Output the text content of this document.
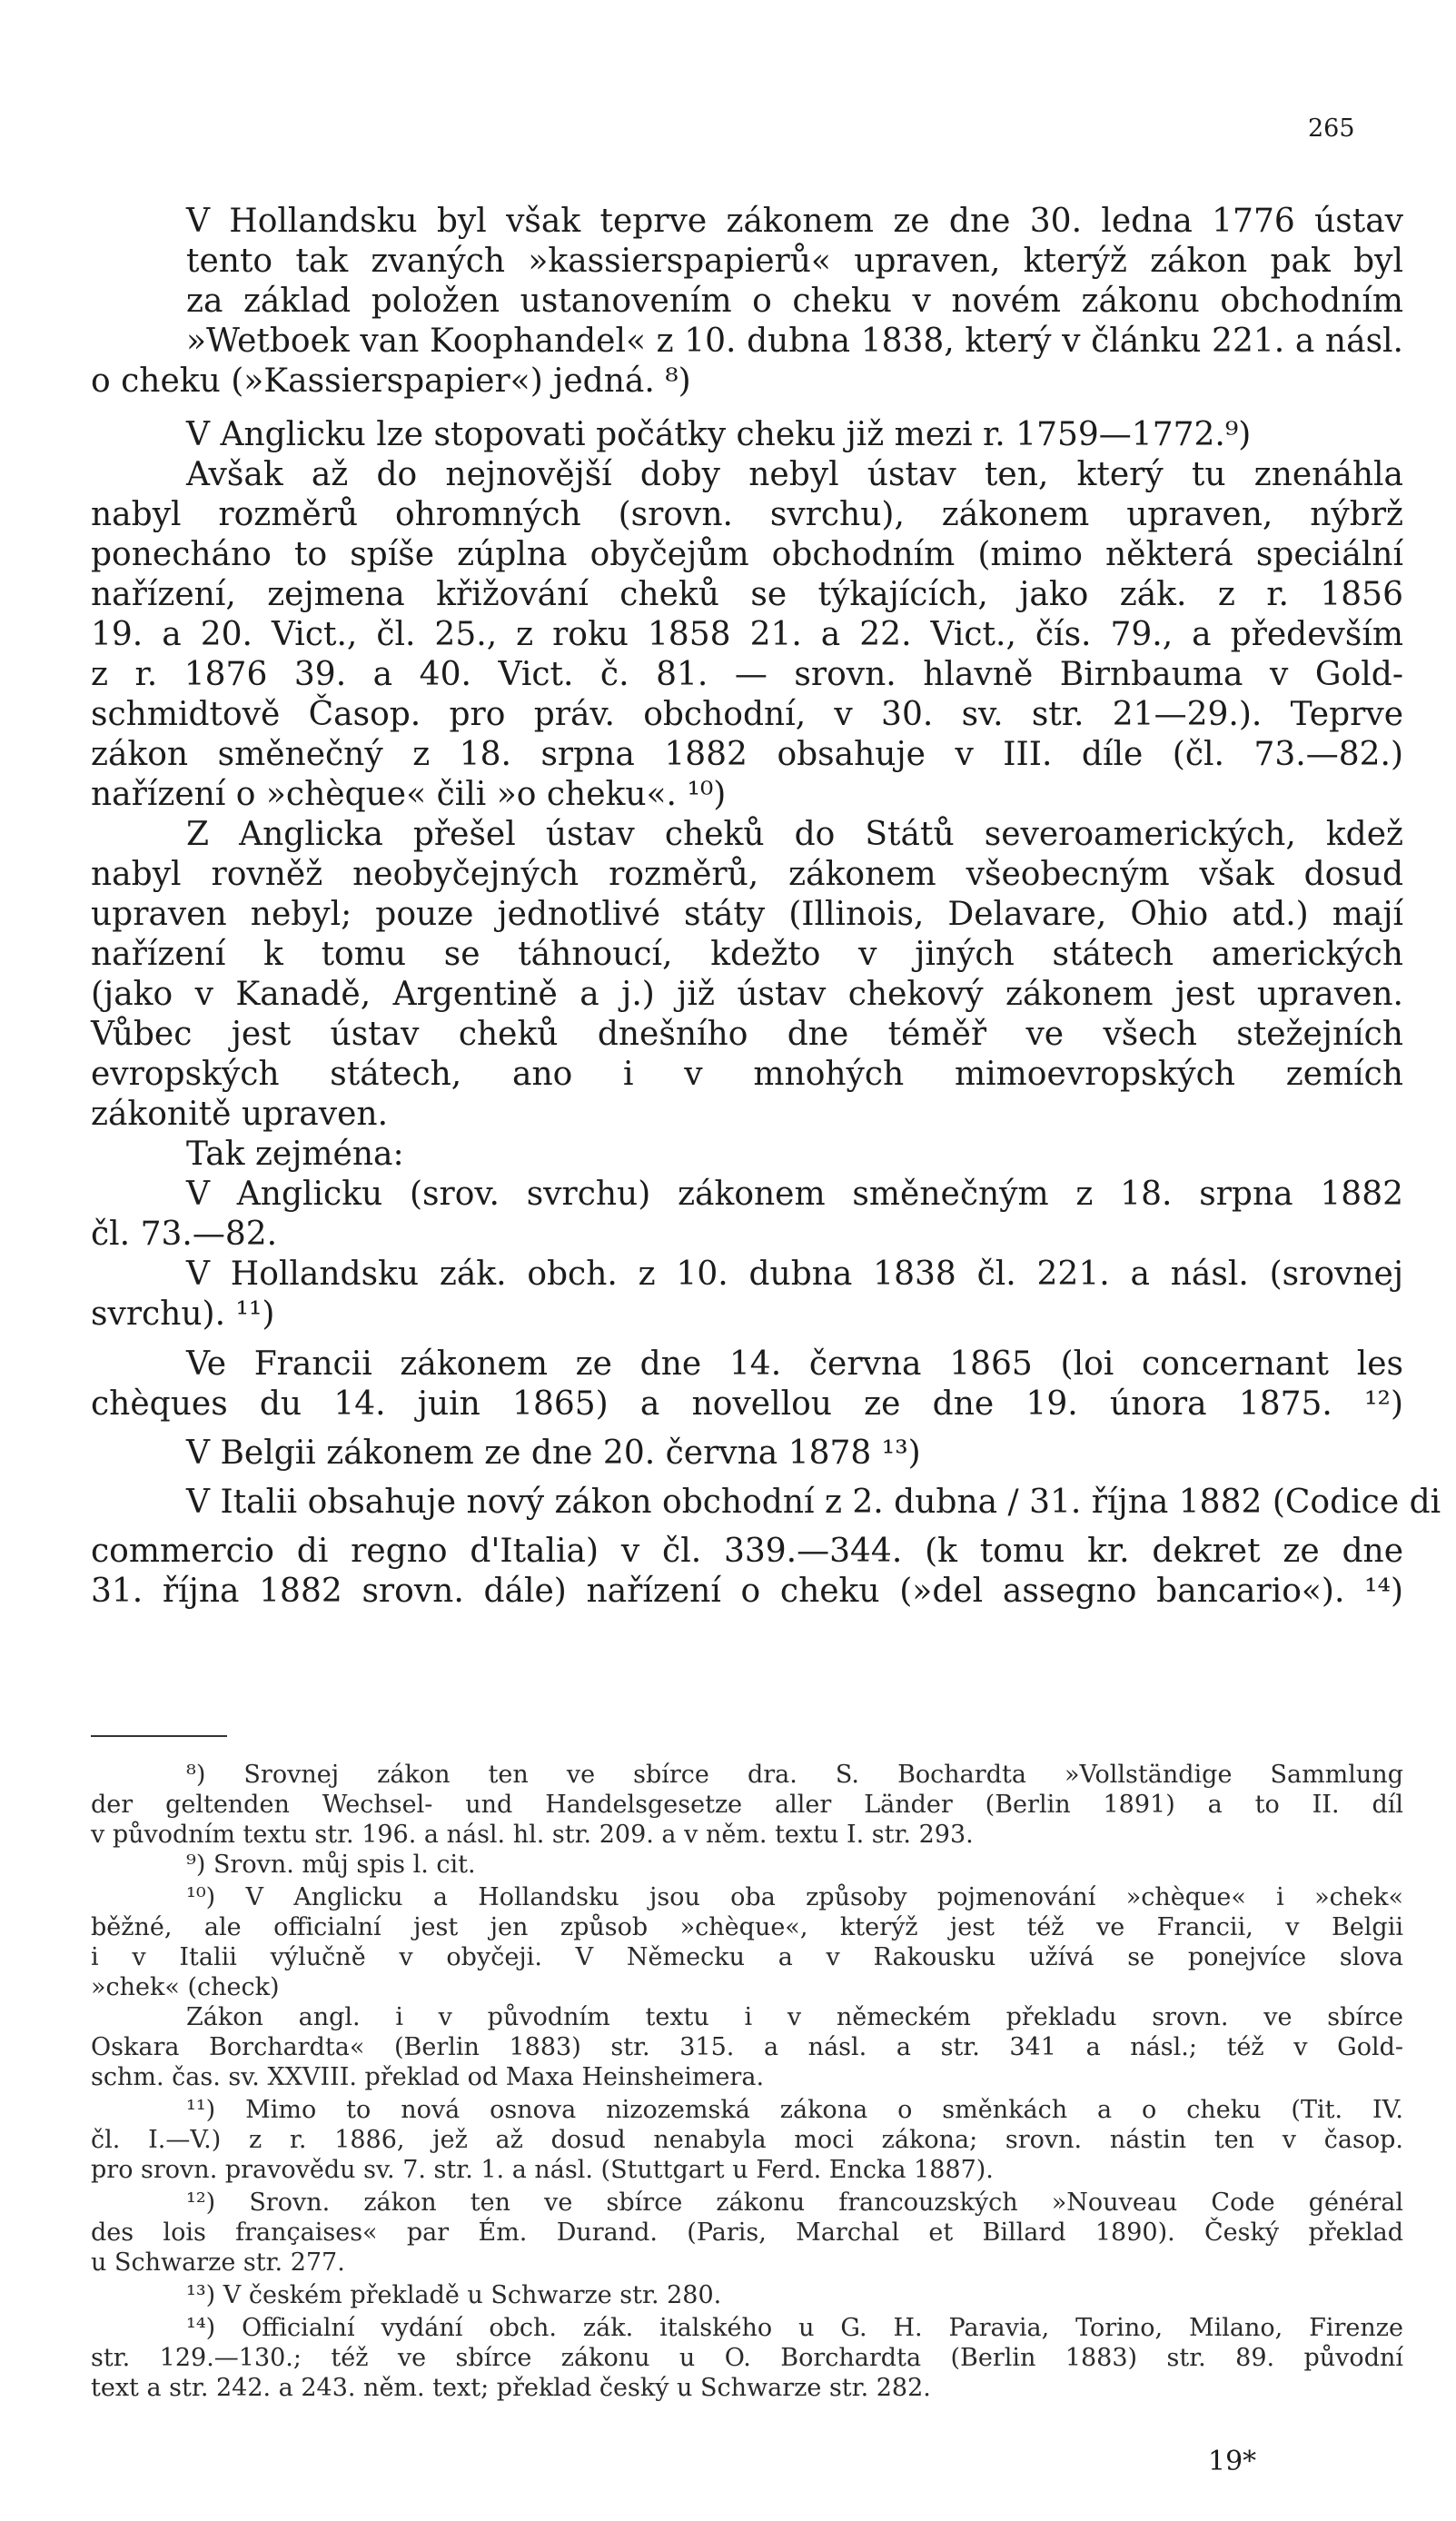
265
V Hollandsku byl však teprve zákonem ze dne 30. ledna 1776 ústav
tento tak zvaných »kassierspapierů« upraven, kterýž zákon pak byl
za základ položen ustanovením o cheku v novém zákonu obchodním
»Wetboek van Koophandel« z 10. dubna 1838, který v článku 221. a násl.
o cheku (»Kassierspapier«) jedná. ⁸)
V Anglicku lze stopovati počátky cheku již mezi r. 1759—1772.⁹)
Avšak až do nejnovější doby nebyl ústav ten, který tu znenáhla
nabyl rozměrů ohromných (srovn. svrchu), zákonem upraven, nýbrž
ponecháno to spíše zúplna obyčejům obchodním (mimo některá speciální
nařízení, zejmena křižování cheků se týkajících, jako zák. z r. 1856
19. a 20. Vict., čl. 25., z roku 1858 21. a 22. Vict., čís. 79., a především
z r. 1876 39. a 40. Vict. č. 81. — srovn. hlavně Birnbauma v Gold-
schmidtově Časop. pro práv. obchodní, v 30. sv. str. 21—29.). Teprve
zákon směnečný z 18. srpna 1882 obsahuje v III. díle (čl. 73.—82.)
nařízení o »chèque« čili »o cheku«. ¹⁰)
Z Anglicka přešel ústav cheků do Států severoamerických, kdež
nabyl rovněž neobyčejných rozměrů, zákonem všeobecným však dosud
upraven nebyl; pouze jednotlivé státy (Illinois, Delavare, Ohio atd.) mají
nařízení k tomu se táhnoucí, kdežto v jiných státech amerických
(jako v Kanadě, Argentině a j.) již ústav chekový zákonem jest upraven.
Vůbec jest ústav cheků dnešního dne téměř ve všech stežejních
evropských státech, ano i v mnohých mimoevropských zemích
zákonitě upraven.
Tak zejména:
V Anglicku (srov. svrchu) zákonem směnečným z 18. srpna 1882
čl. 73.—82.
V Hollandsku zák. obch. z 10. dubna 1838 čl. 221. a násl. (srovnej
svrchu). ¹¹)
Ve Francii zákonem ze dne 14. června 1865 (loi concernant les
chèques du 14. juin 1865) a novellou ze dne 19. února 1875. ¹²)
V Belgii zákonem ze dne 20. června 1878 ¹³)
V Italii obsahuje nový zákon obchodní z 2. dubna / 31. října 1882 (Codice di
commercio di regno d'Italia) v čl. 339.—344. (k tomu kr. dekret ze dne
31. října 1882 srovn. dále) nařízení o cheku (»del assegno bancario«). ¹⁴)
⁸) Srovnej zákon ten ve sbírce dra. S. Bochardta »Vollständige Sammlung
der geltenden Wechsel- und Handelsgesetze aller Länder (Berlin 1891) a to II. díl
v původním textu str. 196. a násl. hl. str. 209. a v něm. textu I. str. 293.
⁹) Srovn. můj spis l. cit.
¹⁰) V Anglicku a Hollandsku jsou oba způsoby pojmenování »chèque« i »chek«
běžné, ale officialní jest jen způsob »chèque«, kterýž jest též ve Francii, v Belgii
i v Italii výlučně v obyčeji. V Německu a v Rakousku užívá se ponejvíce slova
»chek« (check)
Zákon angl. i v původním textu i v německém překladu srovn. ve sbírce
Oskara Borchardta« (Berlin 1883) str. 315. a násl. a str. 341 a násl.; též v Gold-
schm. čas. sv. XXVIII. překlad od Maxa Heinsheimera.
¹¹) Mimo to nová osnova nizozemská zákona o směnkách a o cheku (Tit. IV.
čl. I.—V.) z r. 1886, jež až dosud nenabyla moci zákona; srovn. nástin ten v časop.
pro srovn. pravovědu sv. 7. str. 1. a násl. (Stuttgart u Ferd. Encka 1887).
¹²) Srovn. zákon ten ve sbírce zákonu francouzských »Nouveau Code général
des lois françaises« par Ém. Durand. (Paris, Marchal et Billard 1890). Český překlad
u Schwarze str. 277.
¹³) V českém překladě u Schwarze str. 280.
¹⁴) Officialní vydání obch. zák. italského u G. H. Paravia, Torino, Milano, Firenze
str. 129.—130.; též ve sbírce zákonu u O. Borchardta (Berlin 1883) str. 89. původní
text a str. 242. a 243. něm. text; překlad český u Schwarze str. 282.
19*
